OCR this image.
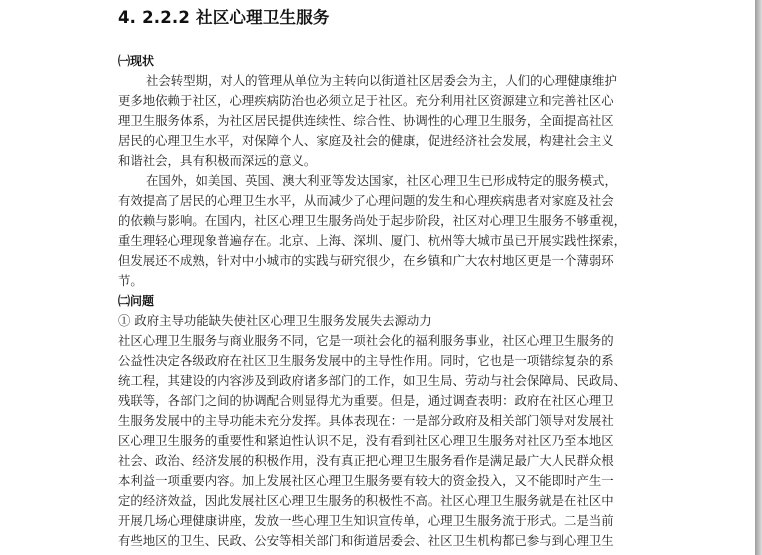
4. 2.2.2 社区心理卫生服务
㈠现状
社会转型期，对人的管理从单位为主转向以街道社区居委会为主，人们的心理健康维护
更多地依赖于社区，心理疾病防治也必须立足于社区。充分利用社区资源建立和完善社区心
理卫生服务体系，为社区居民提供连续性、综合性、协调性的心理卫生服务，全面提高社区
居民的心理卫生水平，对保障个人、家庭及社会的健康，促进经济社会发展，构建社会主义
和谐社会，具有积极而深远的意义。
在国外，如美国、英国、澳大利亚等发达国家，社区心理卫生已形成特定的服务模式，
有效提高了居民的心理卫生水平，从而减少了心理问题的发生和心理疾病患者对家庭及社会
的依赖与影响。在国内，社区心理卫生服务尚处于起步阶段，社区对心理卫生服务不够重视，
重生理轻心理现象普遍存在。北京、上海、深圳、厦门、杭州等大城市虽已开展实践性探索，
但发展还不成熟，针对中小城市的实践与研究很少，在乡镇和广大农村地区更是一个薄弱环
节。
㈡问题
① 政府主导功能缺失使社区心理卫生服务发展失去源动力
社区心理卫生服务与商业服务不同，它是一项社会化的福利服务事业，社区心理卫生服务的
公益性决定各级政府在社区卫生服务发展中的主导性作用。同时，它也是一项错综复杂的系
统工程，其建设的内容涉及到政府诸多部门的工作，如卫生局、劳动与社会保障局、民政局、
残联等，各部门之间的协调配合则显得尤为重要。但是，通过调查表明：政府在社区心理卫
生服务发展中的主导功能未充分发挥。具体表现在：一是部分政府及相关部门领导对发展社
区心理卫生服务的重要性和紧迫性认识不足，没有看到社区心理卫生服务对社区乃至本地区
社会、政治、经济发展的积极作用，没有真正把心理卫生服务看作是满足最广大人民群众根
本利益一项重要内容。加上发展社区心理卫生服务要有较大的资金投入，又不能即时产生一
定的经济效益，因此发展社区心理卫生服务的积极性不高。社区心理卫生服务就是在社区中
开展几场心理健康讲座，发放一些心理卫生知识宣传单，心理卫生服务流于形式。二是当前
有些地区的卫生、民政、公安等相关部门和街道居委会、社区卫生机构都已参与到心理卫生
